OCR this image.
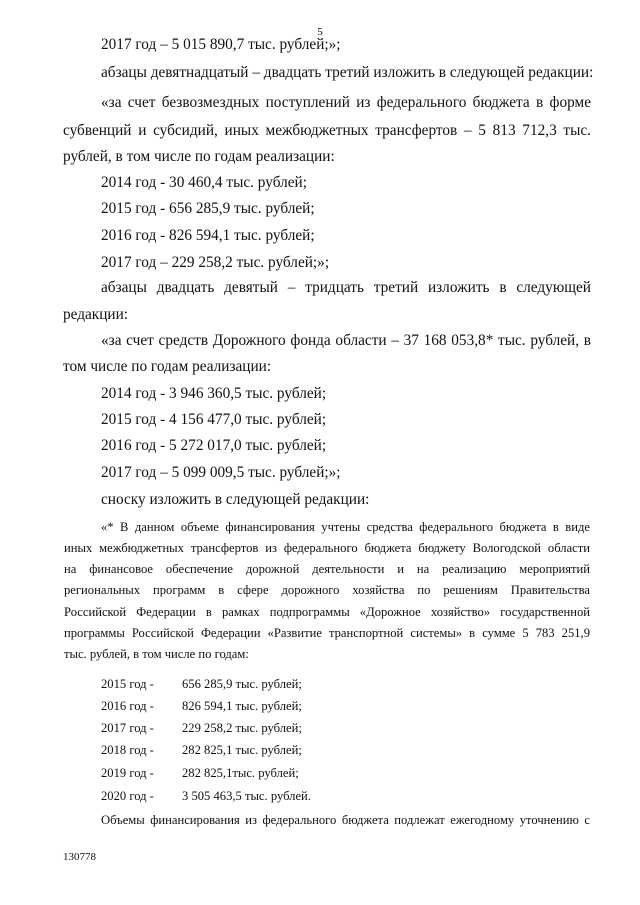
5
2017 год – 5 015 890,7 тыс. рублей;»;
абзацы девятнадцатый – двадцать третий изложить в следующей редакции:
«за счет безвозмездных поступлений из федерального бюджета в форме
субвенций и субсидий, иных межбюджетных трансфертов – 5 813 712,3 тыс.
рублей, в том числе по годам реализации:
2014 год - 30 460,4 тыс. рублей;
2015 год - 656 285,9 тыс. рублей;
2016 год - 826 594,1 тыс. рублей;
2017 год – 229 258,2 тыс. рублей;»;
абзацы двадцать девятый – тридцать третий изложить в следующей
редакции:
«за счет средств Дорожного фонда области – 37 168 053,8* тыс. рублей, в
том числе по годам реализации:
2014 год - 3 946 360,5 тыс. рублей;
2015 год - 4 156 477,0 тыс. рублей;
2016 год - 5 272 017,0 тыс. рублей;
2017 год – 5 099 009,5 тыс. рублей;»;
сноску изложить в следующей редакции:
«* В данном объеме финансирования учтены средства федерального бюджета в виде
иных межбюджетных трансфертов из федерального бюджета бюджету Вологодской области
на финансовое обеспечение дорожной деятельности и на реализацию мероприятий
региональных программ в сфере дорожного хозяйства по решениям Правительства
Российской Федерации в рамках подпрограммы «Дорожное хозяйство» государственной
программы Российской Федерации «Развитие транспортной системы» в сумме 5 783 251,9
тыс. рублей, в том числе по годам:
2015 год - 656 285,9 тыс. рублей;
2016 год - 826 594,1 тыс. рублей;
2017 год - 229 258,2 тыс. рублей;
2018 год - 282 825,1 тыс. рублей;
2019 год - 282 825,1тыс. рублей;
2020 год - 3 505 463,5 тыс. рублей.
Объемы финансирования из федерального бюджета подлежат ежегодному уточнению с
130778
